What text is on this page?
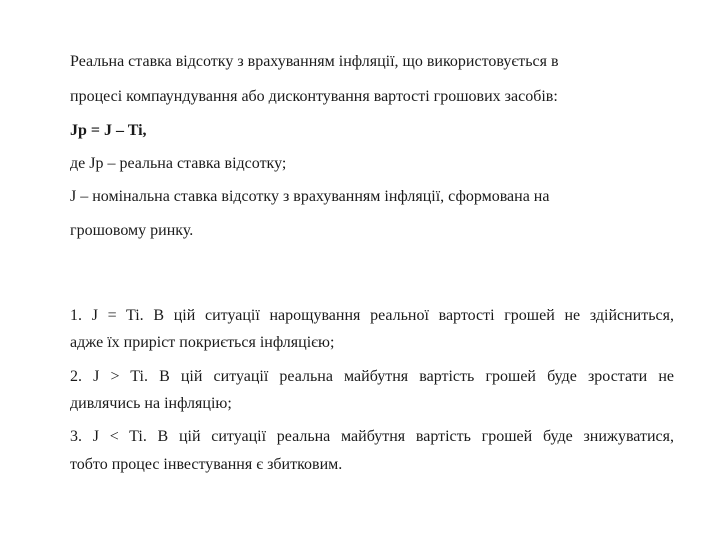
Реальна ставка відсотку з врахуванням інфляції, що використовується в
процесі компаундування або дисконтування вартості грошових засобів:
Jp = J – Ti,
де Jp – реальна ставка відсотку;
J – номінальна ставка відсотку з врахуванням інфляції, сформована на
грошовому ринку.
1. J = Ti. В цій ситуації нарощування реальної вартості грошей не здійсниться,
адже їх приріст покриється інфляцією;
2. J > Ti. В цій ситуації реальна майбутня вартість грошей буде зростати не
дивлячись на інфляцію;
3. J < Ti. В цій ситуації реальна майбутня вартість грошей буде знижуватися,
тобто процес інвестування є збитковим.
